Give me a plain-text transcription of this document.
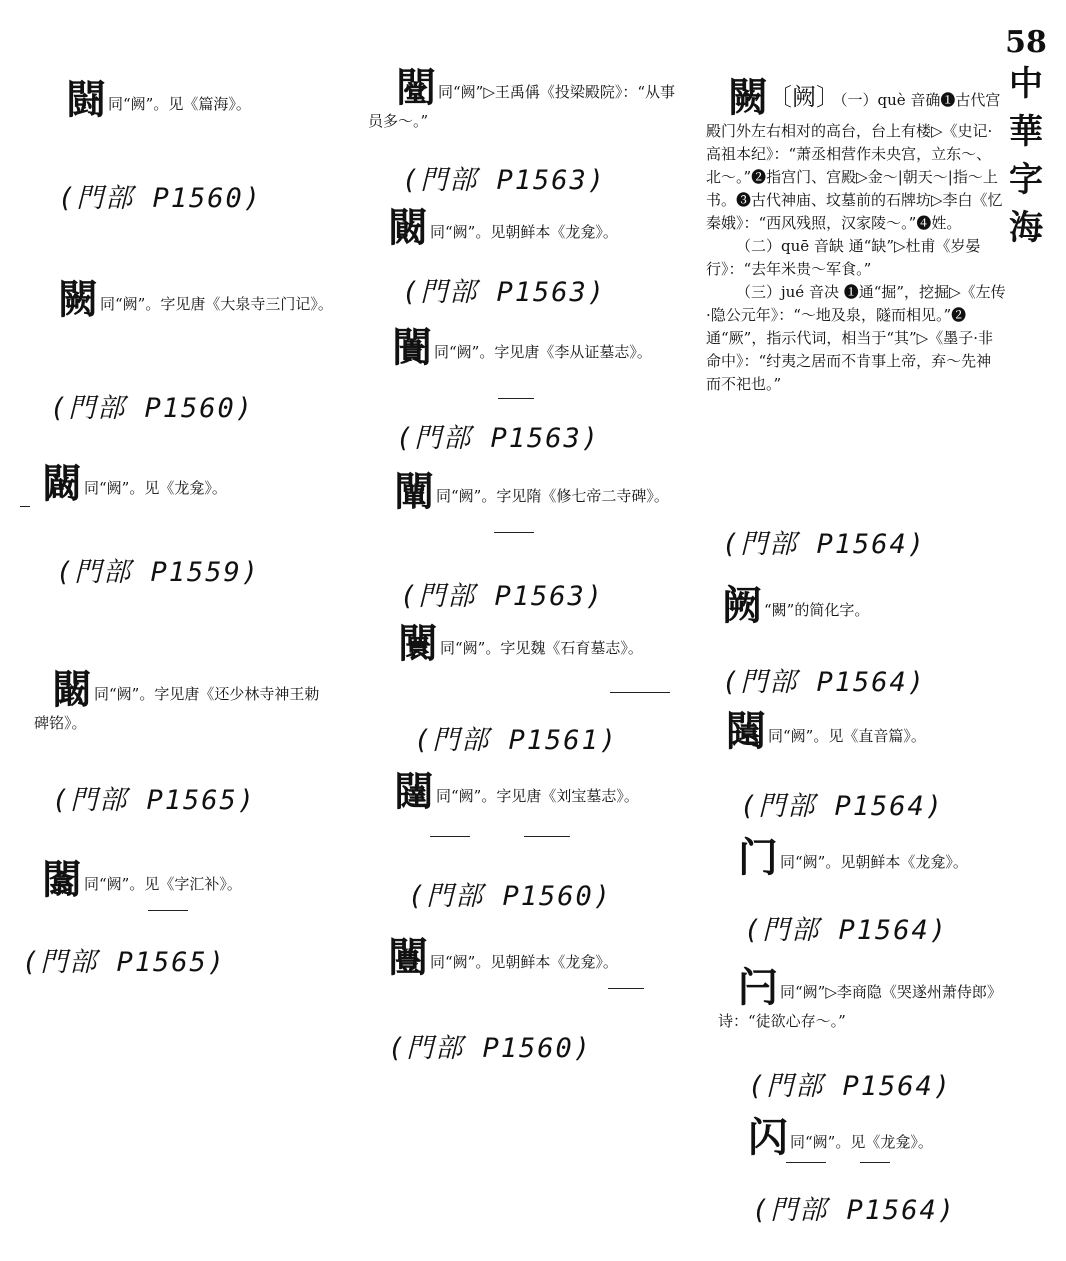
58
中
華
字
海
闘同“阙”。见《篇海》。
(門部 P1560)
闕同“阙”。字见唐《大泉寺三门记》。
(門部 P1560)
闙同“阙”。见《龙龛》。
(門部 P1559)
闞同“阙”。字见唐《还少林寺神王勅碑铭》。
(門部 P1565)
闟同“阙”。见《字汇补》。
(門部 P1565)
闛同“阙”▷王禹偁《投梁殿院》：“从事员多～。”
(門部 P1563)
闝同“阙”。见朝鲜本《龙龛》。
(門部 P1563)
闠同“阙”。字见唐《李从证墓志》。
(門部 P1563)
闡同“阙”。字见隋《修七帝二寺碑》。
(門部 P1563)
闤同“阙”。字见魏《石育墓志》。
(門部 P1561)
闥同“阙”。字见唐《刘宝墓志》。
(門部 P1560)
闦同“阙”。见朝鲜本《龙龛》。
(門部 P1560)

闕〔阙〕（一）què 音确❶古代宫殿门外左右相对的高台，台上有楼▷《史记·高祖本纪》：“萧丞相营作未央宫，立东～、北～。”❷指宫门、宫殿▷金～|朝天～|指～上书。❸古代神庙、坟墓前的石牌坊▷李白《忆秦娥》：“西风残照，汉家陵～。”❹姓。

（二）quē 音缺 通“缺”▷杜甫《岁晏行》：“去年米贵～军食。”

（三）jué 音决 ❶通“掘”，挖掘▷《左传·隐公元年》：“～地及泉，隧而相见。”❷通“厥”，指示代词，相当于“其”▷《墨子·非命中》：“纣夷之居而不肯事上帝，弃～先神而不祀也。”

(門部 P1564)
阙 “闕”的简化字。
(門部 P1564)
闧同“阙”。见《直音篇》。
(門部 P1564)
门同“阙”。见朝鲜本《龙龛》。
(門部 P1564)
闩同“阙”▷李商隐《哭遂州萧侍郎》诗：“徒欲心存～。”
(門部 P1564)
闪同“阙”。见《龙龛》。
(門部 P1564)
